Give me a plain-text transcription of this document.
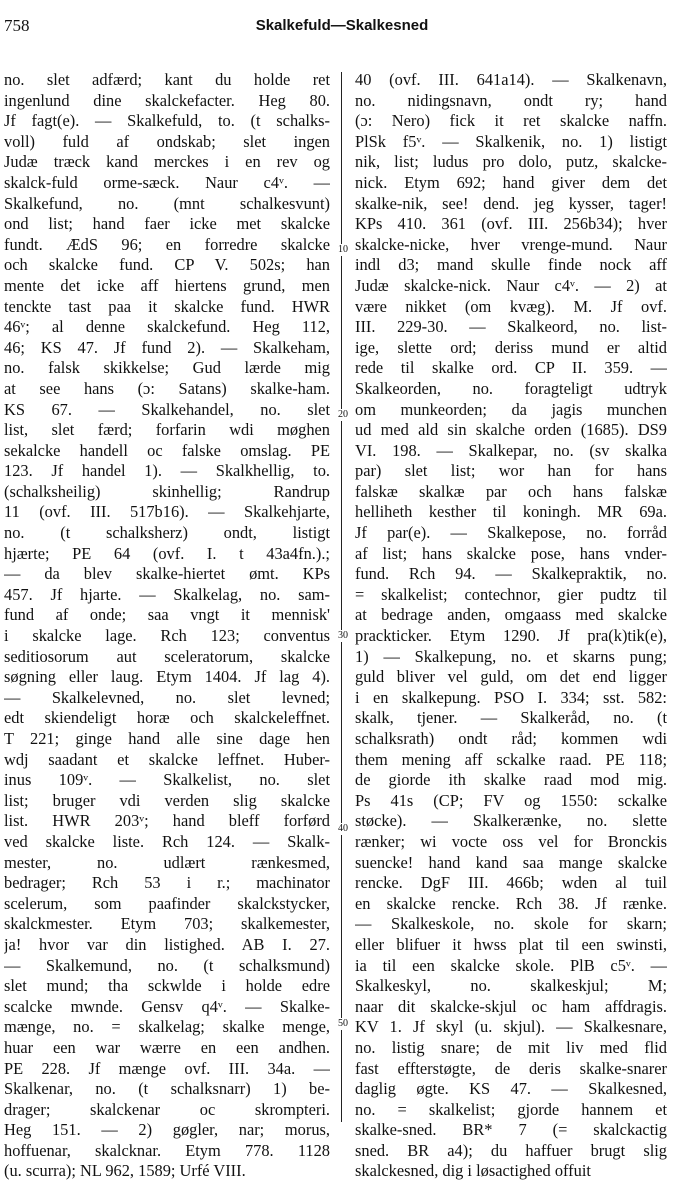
758	Skalkefuld—Skalkesned
no. slet adfærd; kant du holde ret
ingenlund dine skalckefacter. Heg 80.
Jf fagt(e). — Skalkefuld, to. (t schalks-
voll) fuld af ondskab; slet ingen
Judæ træck kand merckes i en rev og
skalck-fuld orme-sæck. Naur c4ᵛ. —
Skalkefund, no. (mnt schalkesvunt)
ond list; hand faer icke met skalcke
fundt. ÆdS 96; en forredre skalcke
och skalcke fund. CP V. 502s; han
mente det icke aff hiertens grund, men
tenckte tast paa it skalcke fund. HWR
46ᵛ; al denne skalckefund. Heg 112,
46; KS 47. Jf fund 2). — Skalkeham,
no. falsk skikkelse; Gud lærde mig
at see hans (ɔ: Satans) skalke-ham.
KS 67. — Skalkehandel, no. slet
list, slet færd; forfarin wdi møghen
sekalcke handell oc falske omslag. PE
123. Jf handel 1). — Skalkhellig, to.
(schalksheilig) skinhellig; Randrup
11 (ovf. III. 517b16). — Skalkehjarte,
no. (t schalksherz) ondt, listigt
hjærte; PE 64 (ovf. I. t 43a4fn.).;
— da blev skalke-hiertet ømt. KPs
457. Jf hjarte. — Skalkelag, no. sam-
fund af onde; saa vngt it mennisk'
i skalcke lage. Rch 123; conventus
seditiosorum aut sceleratorum, skalcke
søgning eller laug. Etym 1404. Jf lag 4).
— Skalkelevned, no. slet levned;
edt skiendeligt horæ och skalckeleffnet.
T 221; ginge hand alle sine dage hen
wdj saadant et skalcke leffnet. Huber-
inus 109ᵛ. — Skalkelist, no. slet
list; bruger vdi verden slig skalcke
list. HWR 203ᵛ; hand bleff forførd
ved skalcke liste. Rch 124. — Skalk-
mester, no. udlært rænkesmed,
bedrager; Rch 53 i r.; machinator
scelerum, som paafinder skalckstycker,
skalckmester. Etym 703; skalkemester,
ja! hvor var din listighed. AB I. 27.
— Skalkemund, no. (t schalksmund)
slet mund; tha sckwlde i holde edre
scalcke mwnde. Gensv q4ᵛ. — Skalke-
mænge, no. = skalkelag; skalke menge,
huar een war wærre en een andhen.
PE 228. Jf mænge ovf. III. 34a. —
Skalkenar, no. (t schalksnarr) 1) be-
drager; skalckenar oc skrompteri.
Heg 151. — 2) gøgler, nar; morus,
hoffuenar, skalcknar. Etym 778. 1128
(u. scurra); NL 962, 1589; Urfé VIII.
40 (ovf. III. 641a14). — Skalkenavn,
no. nidingsnavn, ondt ry; hand
(ɔ: Nero) fick it ret skalcke naffn.
PlSk f5ᵛ. — Skalkenik, no. 1) listigt
nik, list; ludus pro dolo, putz, skalcke-
nick. Etym 692; hand giver dem det
skalke-nik, see! dend. jeg kysser, tager!
KPs 410. 361 (ovf. III. 256b34); hver
skalcke-nicke, hver vrenge-mund. Naur
indl d3; mand skulle finde nock aff
Judæ skalcke-nick. Naur c4ᵛ. — 2) at
være nikket (om kvæg). M. Jf ovf.
III. 229-30. — Skalkeord, no. list-
ige, slette ord; deriss mund er altid
rede til skalke ord. CP II. 359. —
Skalkeorden, no. foragteligt udtryk
om munkeorden; da jagis munchen
ud med ald sin skalche orden (1685). DS9
VI. 198. — Skalkepar, no. (sv skalka
par) slet list; wor han for hans
falskæ skalkæ par och hans falskæ
helliheth kesther til koningh. MR 69a.
Jf par(e). — Skalkepose, no. forråd
af list; hans skalcke pose, hans vnder-
fund. Rch 94. — Skalkepraktik, no.
= skalkelist; contechnor, gier pudtz til
at bedrage anden, omgaass med skalcke
prackticker. Etym 1290. Jf pra(k)tik(e),
1) — Skalkepung, no. et skarns pung;
guld bliver vel guld, om det end ligger
i en skalkepung. PSO I. 334; sst. 582:
skalk, tjener. — Skalkeråd, no. (t
schalksrath) ondt råd; kommen wdi
them mening aff sckalke raad. PE 118;
de giorde ith skalke raad mod mig.
Ps 41s (CP; FV og 1550: sckalke
støcke). — Skalkerænke, no. slette
rænker; wi vocte oss vel for Bronckis
suencke! hand kand saa mange skalcke
rencke. DgF III. 466b; wden al tuil
en skalcke rencke. Rch 38. Jf rænke.
— Skalkeskole, no. skole for skarn;
eller blifuer it hwss plat til een swinsti,
ia til een skalcke skole. PlB c5ᵛ. —
Skalkeskyl, no. skalkeskjul; M;
naar dit skalcke-skjul oc ham affdragis.
KV 1. Jf skyl (u. skjul). — Skalkesnare,
no. listig snare; de mit liv med flid
fast effterstøgte, de deris skalke-snarer
daglig øgte. KS 47. — Skalkesned,
no. = skalkelist; gjorde hannem et
skalke-sned. BR* 7 (= skalckactig
sned. BR a4); du haffuer brugt slig
skalckesned, dig i løsactighed offuit
10
20
30
40
50
